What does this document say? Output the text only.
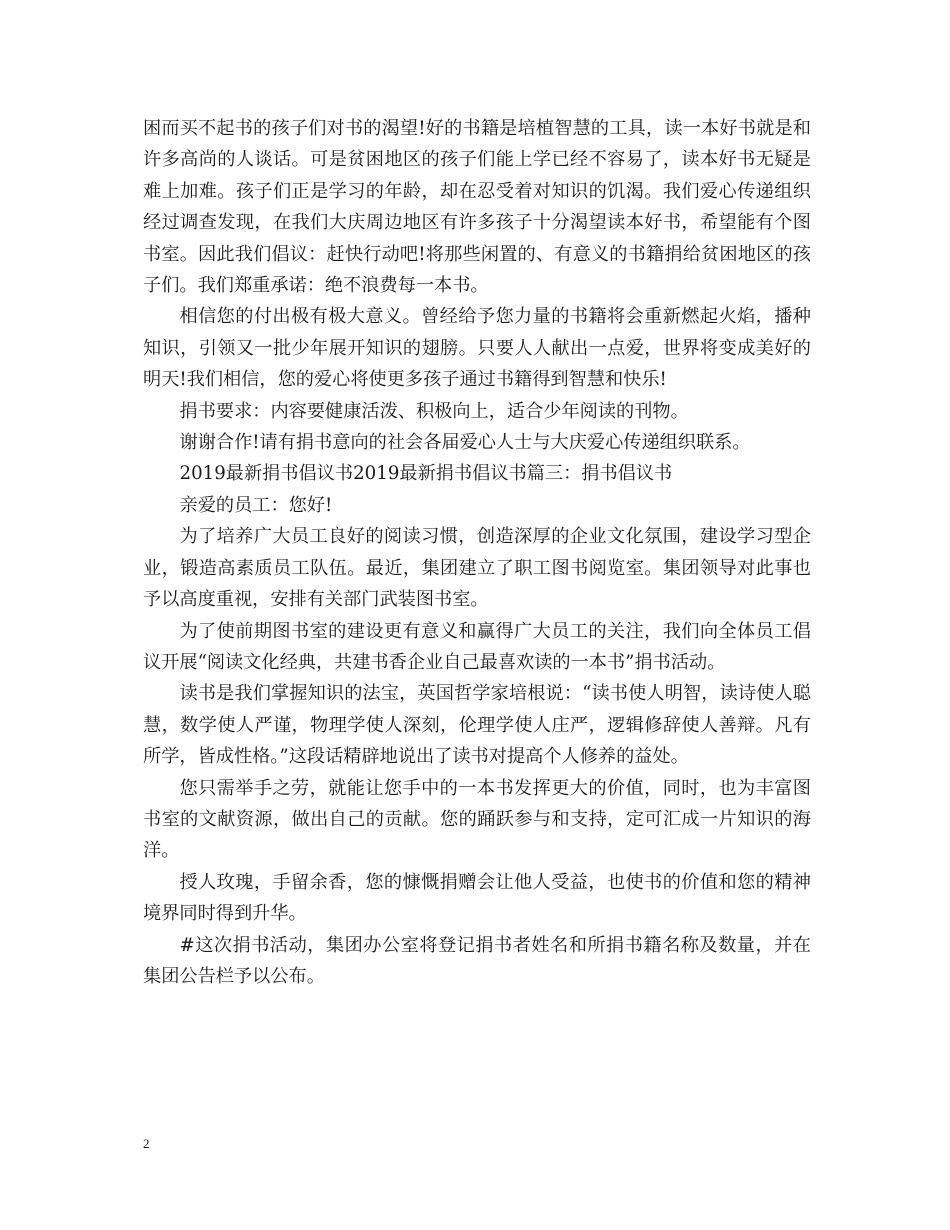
困而买不起书的孩子们对书的渴望!好的书籍是培植智慧的工具，读一本好书就是和许多高尚的人谈话。可是贫困地区的孩子们能上学已经不容易了，读本好书无疑是难上加难。孩子们正是学习的年龄，却在忍受着对知识的饥渴。我们爱心传递组织经过调查发现，在我们大庆周边地区有许多孩子十分渴望读本好书，希望能有个图书室。因此我们倡议：赶快行动吧!将那些闲置的、有意义的书籍捐给贫困地区的孩子们。我们郑重承诺：绝不浪费每一本书。

相信您的付出极有极大意义。曾经给予您力量的书籍将会重新燃起火焰，播种知识，引领又一批少年展开知识的翅膀。只要人人献出一点爱，世界将变成美好的明天!我们相信，您的爱心将使更多孩子通过书籍得到智慧和快乐!

捐书要求：内容要健康活泼、积极向上，适合少年阅读的刊物。

谢谢合作!请有捐书意向的社会各届爱心人士与大庆爱心传递组织联系。

2019最新捐书倡议书2019最新捐书倡议书篇三：捐书倡议书

亲爱的员工：您好!

为了培养广大员工良好的阅读习惯，创造深厚的企业文化氛围，建设学习型企业，锻造高素质员工队伍。最近，集团建立了职工图书阅览室。集团领导对此事也予以高度重视，安排有关部门武装图书室。

为了使前期图书室的建设更有意义和赢得广大员工的关注，我们向全体员工倡议开展“阅读文化经典，共建书香企业自己最喜欢读的一本书”捐书活动。

读书是我们掌握知识的法宝，英国哲学家培根说：“读书使人明智，读诗使人聪慧，数学使人严谨，物理学使人深刻，伦理学使人庄严，逻辑修辞使人善辩。凡有所学，皆成性格。”这段话精辟地说出了读书对提高个人修养的益处。

您只需举手之劳，就能让您手中的一本书发挥更大的价值，同时，也为丰富图书室的文献资源，做出自己的贡献。您的踊跃参与和支持，定可汇成一片知识的海洋。

授人玫瑰，手留余香，您的慷慨捐赠会让他人受益，也使书的价值和您的精神境界同时得到升华。

#这次捐书活动，集团办公室将登记捐书者姓名和所捐书籍名称及数量，并在集团公告栏予以公布。

2
